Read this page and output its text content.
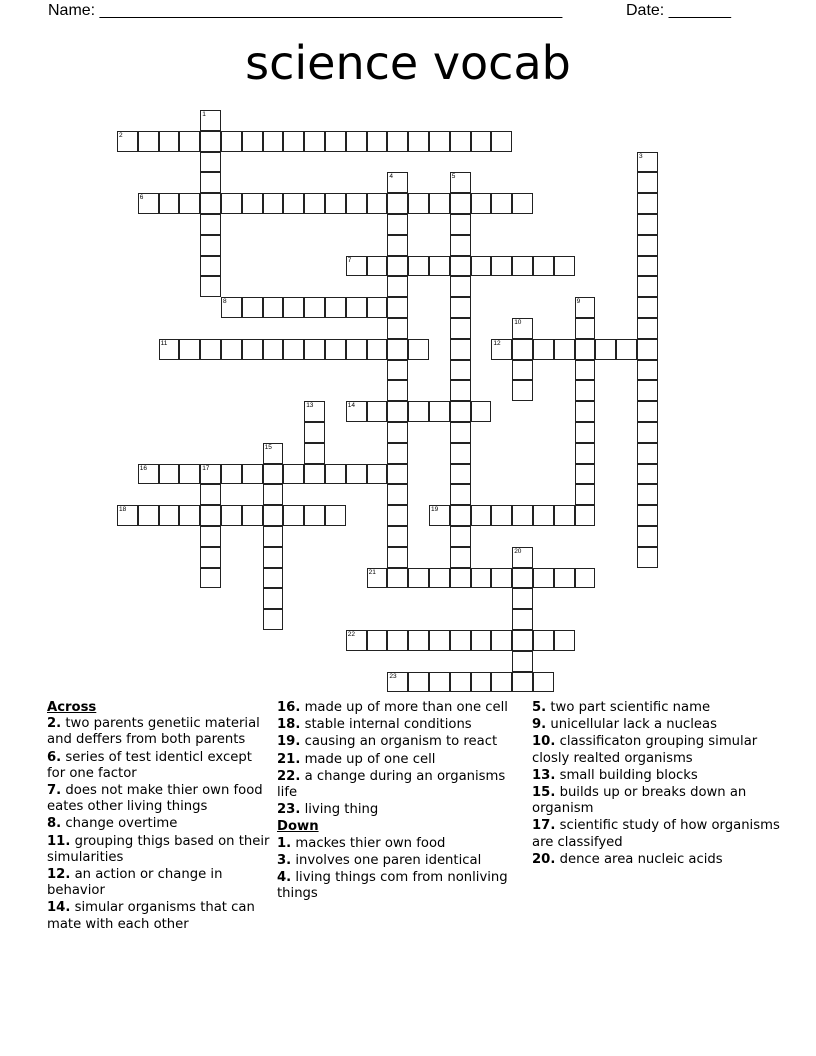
Name: ____________________________________________________	Date: _______
science vocab
1
2
3
4	5
6
7
8	9
10
11	12
13	14
15
16	17
18	19
20
21
22
23
Across
2. two parents genetiic material and deffers from both parents
6. series of test identicl except for one factor
7. does not make thier own food eates other living things
8. change overtime
11. grouping thigs based on their simularities
12. an action or change in behavior
14. simular organisms that can mate with each other
16. made up of more than one cell
18. stable internal conditions
19. causing an organism to react
21. made up of one cell
22. a change during an organisms life
23. living thing
Down
1. mackes thier own food
3. involves one paren identical
4. living things com from nonliving things
5. two part scientific name
9. unicellular lack a nucleas
10. classificaton grouping simular closly realted organisms
13. small building blocks
15. builds up or breaks down an organism
17. scientific study of how organisms are classifyed
20. dence area nucleic acids
